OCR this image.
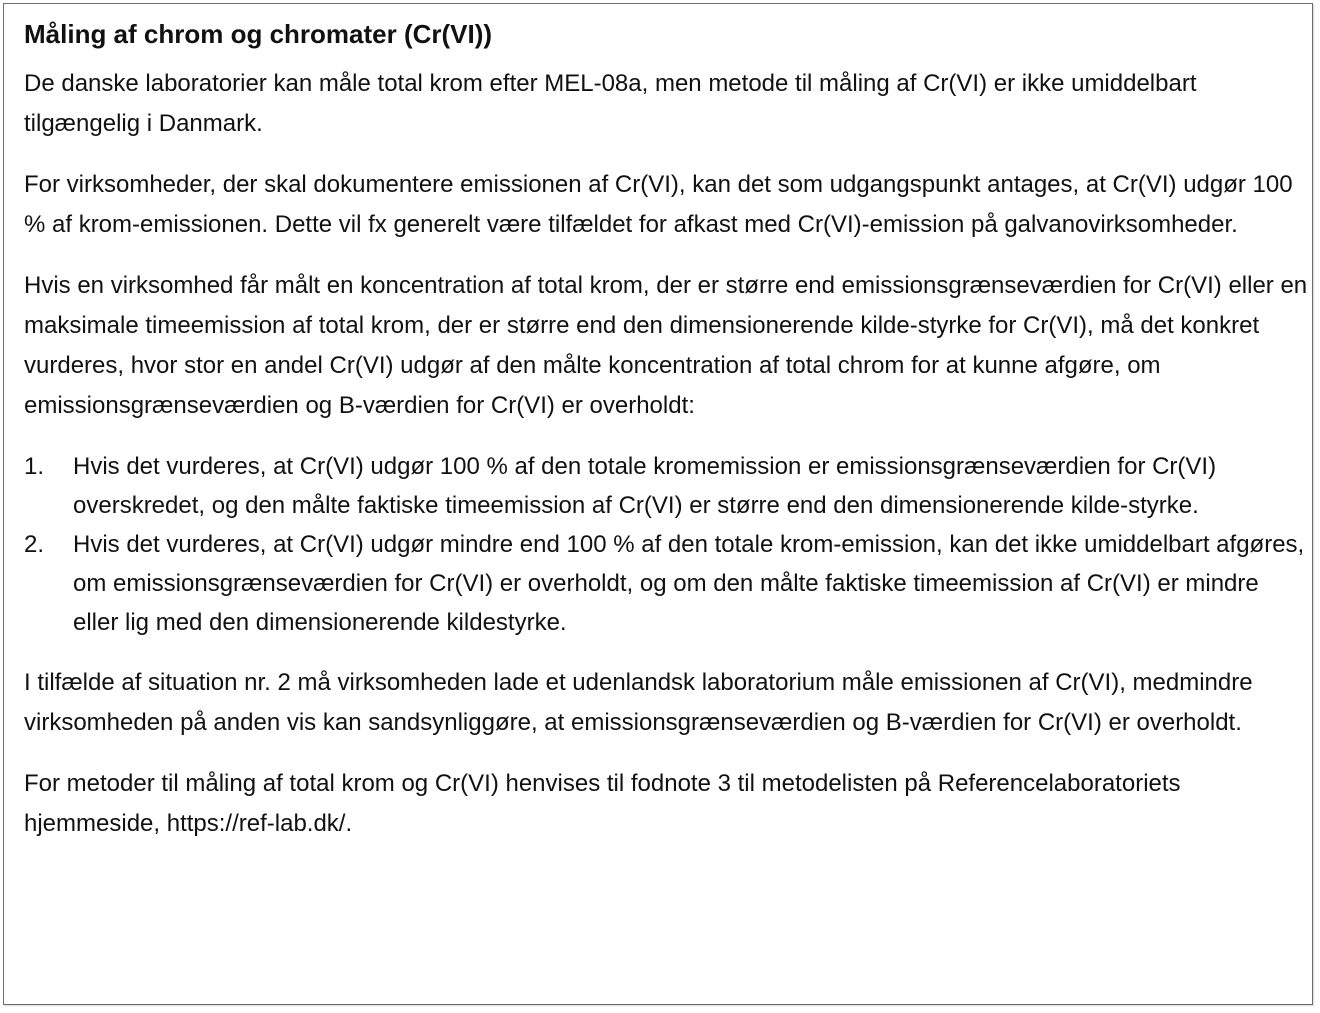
Måling af chrom og chromater (Cr(VI))

De danske laboratorier kan måle total krom efter MEL-08a, men metode til måling af Cr(VI) er ikke umiddelbart tilgængelig i Danmark.

For virksomheder, der skal dokumentere emissionen af Cr(VI), kan det som udgangspunkt antages, at Cr(VI) udgør 100 % af krom-emissionen. Dette vil fx generelt være tilfældet for afkast med Cr(VI)-emission på galvanovirksomheder.

Hvis en virksomhed får målt en koncentration af total krom, der er større end emissionsgrænseværdien for Cr(VI) eller en maksimale timeemission af total krom, der er større end den dimensionerende kilde-styrke for Cr(VI), må det konkret vurderes, hvor stor en andel Cr(VI) udgør af den målte koncentration af total chrom for at kunne afgøre, om emissionsgrænseværdien og B-værdien for Cr(VI) er overholdt:

1. Hvis det vurderes, at Cr(VI) udgør 100 % af den totale kromemission er emissionsgrænseværdien for Cr(VI) overskredet, og den målte faktiske timeemission af Cr(VI) er større end den dimensionerende kilde-styrke.
2. Hvis det vurderes, at Cr(VI) udgør mindre end 100 % af den totale krom-emission, kan det ikke umiddelbart afgøres, om emissionsgrænseværdien for Cr(VI) er overholdt, og om den målte faktiske timeemission af Cr(VI) er mindre eller lig med den dimensionerende kildestyrke.

I tilfælde af situation nr. 2 må virksomheden lade et udenlandsk laboratorium måle emissionen af Cr(VI), medmindre virksomheden på anden vis kan sandsynliggøre, at emissionsgrænseværdien og B-værdien for Cr(VI) er overholdt.

For metoder til måling af total krom og Cr(VI) henvises til fodnote 3 til metodelisten på Referencelaboratoriets hjemmeside, https://ref-lab.dk/.
